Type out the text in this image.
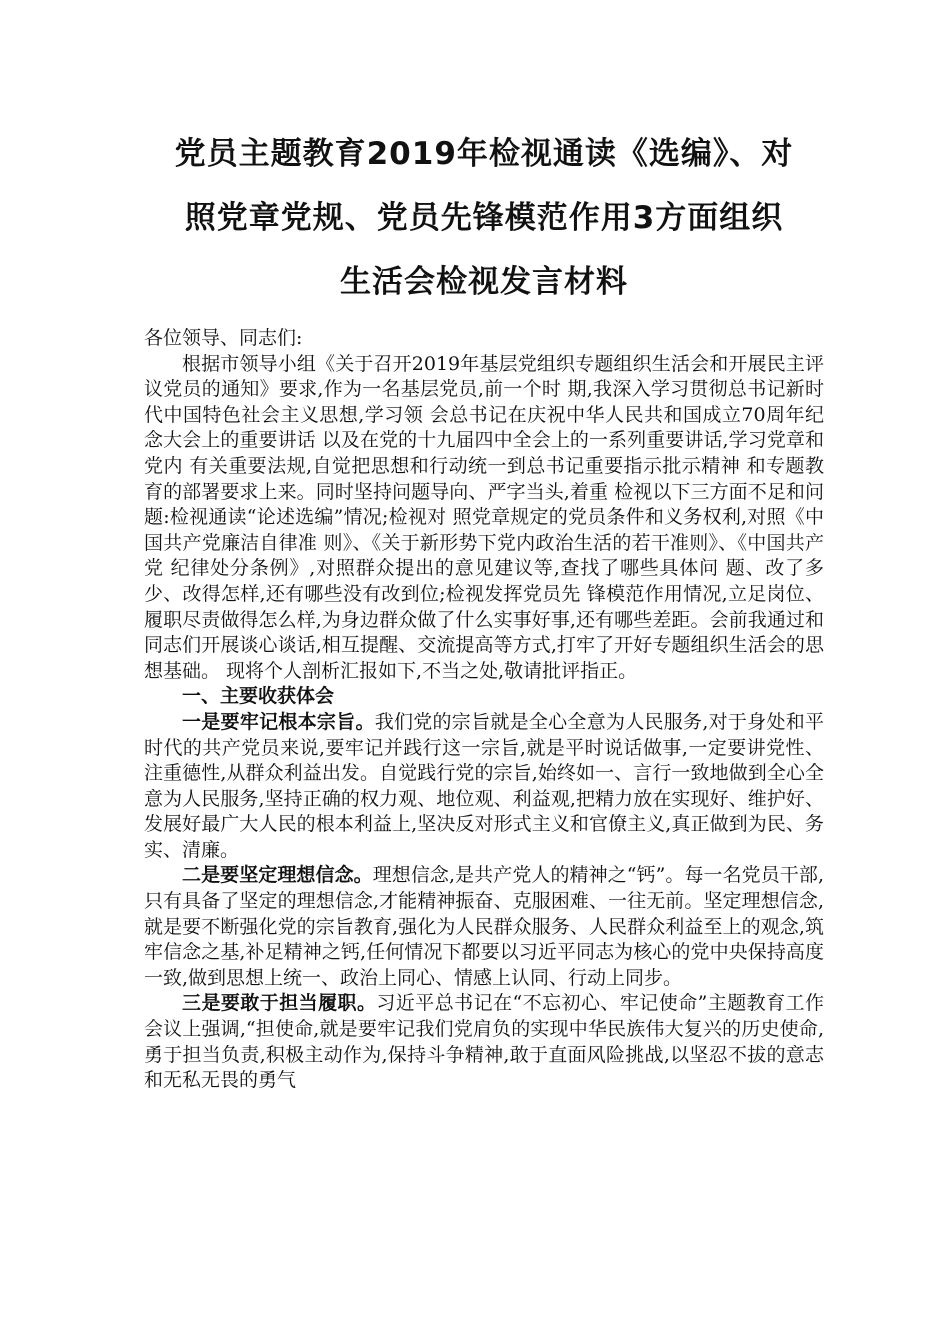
党员主题教育2019年检视通读《选编》、对
照党章党规、党员先锋模范作用3方面组织
生活会检视发言材料

各位领导、同志们:

根据市领导小组《关于召开2019年基层党组织专题组织生活会和开展民主评议党员的通知》要求,作为一名基层党员,前一个时 期,我深入学习贯彻总书记新时代中国特色社会主义思想,学习领 会总书记在庆祝中华人民共和国成立70周年纪念大会上的重要讲话 以及在党的十九届四中全会上的一系列重要讲话,学习党章和党内 有关重要法规,自觉把思想和行动统一到总书记重要指示批示精神 和专题教育的部署要求上来。同时坚持问题导向、严字当头,着重 检视以下三方面不足和问题:检视通读“论述选编”情况;检视对 照党章规定的党员条件和义务权利,对照《中国共产党廉洁自律准 则》、《关于新形势下党内政治生活的若干准则》、《中国共产党 纪律处分条例》,对照群众提出的意见建议等,查找了哪些具体问 题、改了多少、改得怎样,还有哪些没有改到位;检视发挥党员先 锋模范作用情况,立足岗位、履职尽责做得怎么样,为身边群众做了什么实事好事,还有哪些差距。会前我通过和同志们开展谈心谈话,相互提醒、交流提高等方式,打牢了开好专题组织生活会的思想基础。 现将个人剖析汇报如下,不当之处,敬请批评指正。

一、主要收获体会

一是要牢记根本宗旨。我们党的宗旨就是全心全意为人民服务,对于身处和平时代的共产党员来说,要牢记并践行这一宗旨,就是平时说话做事,一定要讲党性、注重德性,从群众利益出发。自觉践行党的宗旨,始终如一、言行一致地做到全心全意为人民服务,坚持正确的权力观、地位观、利益观,把精力放在实现好、维护好、发展好最广大人民的根本利益上,坚决反对形式主义和官僚主义,真正做到为民、务实、清廉。

二是要坚定理想信念。理想信念,是共产党人的精神之“钙”。每一名党员干部,只有具备了坚定的理想信念,才能精神振奋、克服困难、一往无前。坚定理想信念,就是要不断强化党的宗旨教育,强化为人民群众服务、人民群众利益至上的观念,筑牢信念之基,补足精神之钙,任何情况下都要以习近平同志为核心的党中央保持高度一致,做到思想上统一、政治上同心、情感上认同、行动上同步。

三是要敢于担当履职。习近平总书记在“不忘初心、牢记使命”主题教育工作会议上强调,“担使命,就是要牢记我们党肩负的实现中华民族伟大复兴的历史使命,勇于担当负责,积极主动作为,保持斗争精神,敢于直面风险挑战,以坚忍不拔的意志和无私无畏的勇气
